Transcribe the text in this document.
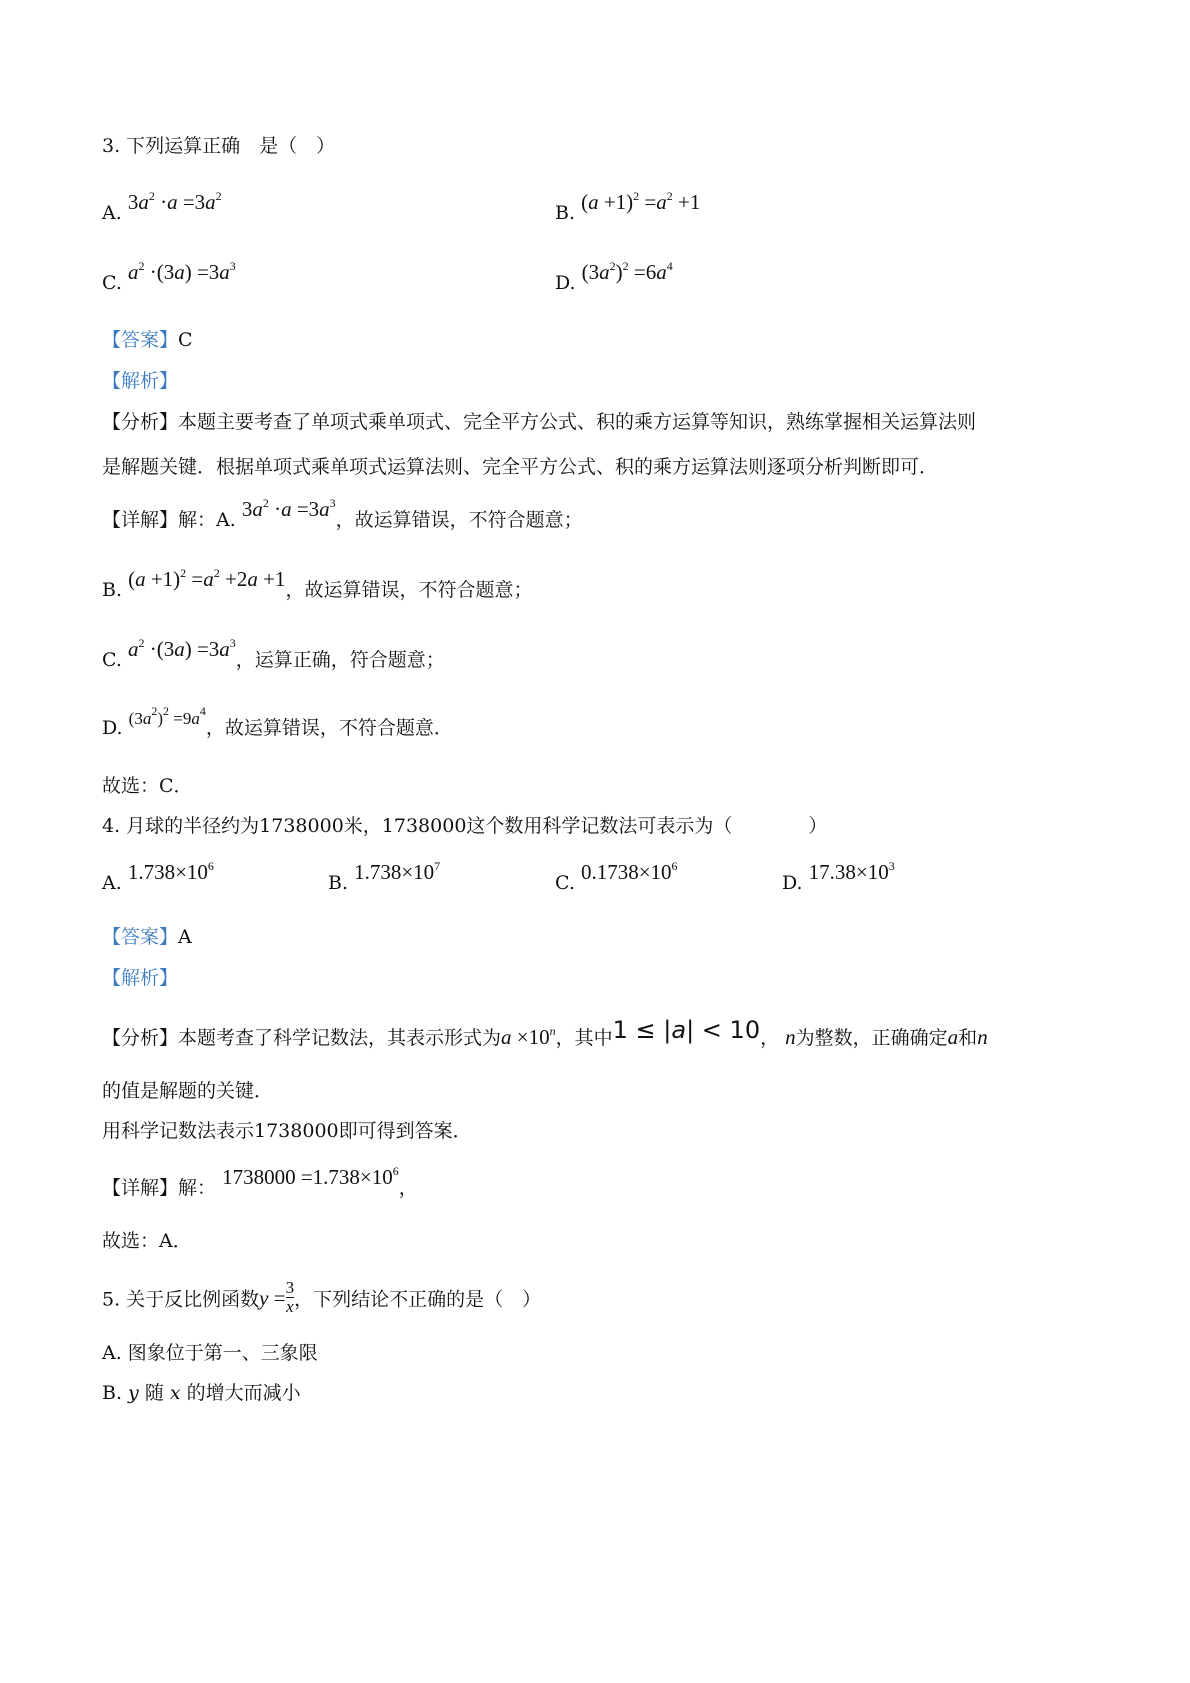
3. 下列运算正确　是（　）
A. $3a^2 \cdot a =3a^2$
B. $(a +1)^2 =a^2 +1$
C. $a^2 \cdot(3a) =3a^3$
D. $(3a^2)^2 =6a^4$
【答案】C
【解析】
【分析】本题主要考查了单项式乘单项式、完全平方公式、积的乘方运算等知识，熟练掌握相关运算法则
是解题关键．根据单项式乘单项式运算法则、完全平方公式、积的乘方运算法则逐项分析判断即可．
【详解】解：A. $3a^2 \cdot a =3a^3$，故运算错误，不符合题意；
B. $(a +1)^2 =a^2 +2a +1$，故运算错误，不符合题意；
C. $a^2 \cdot(3a) =3a^3$，运算正确，符合题意；
D. $(3a^2)^2 =9a^4$，故运算错误，不符合题意．
故选：C．
4. 月球的半径约为1738000米，1738000这个数用科学记数法可表示为（　　　　）
A. $1.738\times 10^6$
B. $1.738\times 10^7$
C. $0.1738\times 10^6$
D. $17.38\times 10^3$
【答案】A
【解析】
【分析】本题考查了科学记数法，其表示形式为$a \times 10^n$，其中1 ≤ |a| < 10， n为整数，正确确定a和n
的值是解题的关键．
用科学记数法表示1738000即可得到答案．
【详解】解： $1738000 =1.738\times 10^6$，
故选：A．
5. 关于反比例函数$y = \frac{3}{x}$ ，下列结论不正确的是（　）
A. 图象位于第一、三象限
B. y 随 x 的增大而减小
